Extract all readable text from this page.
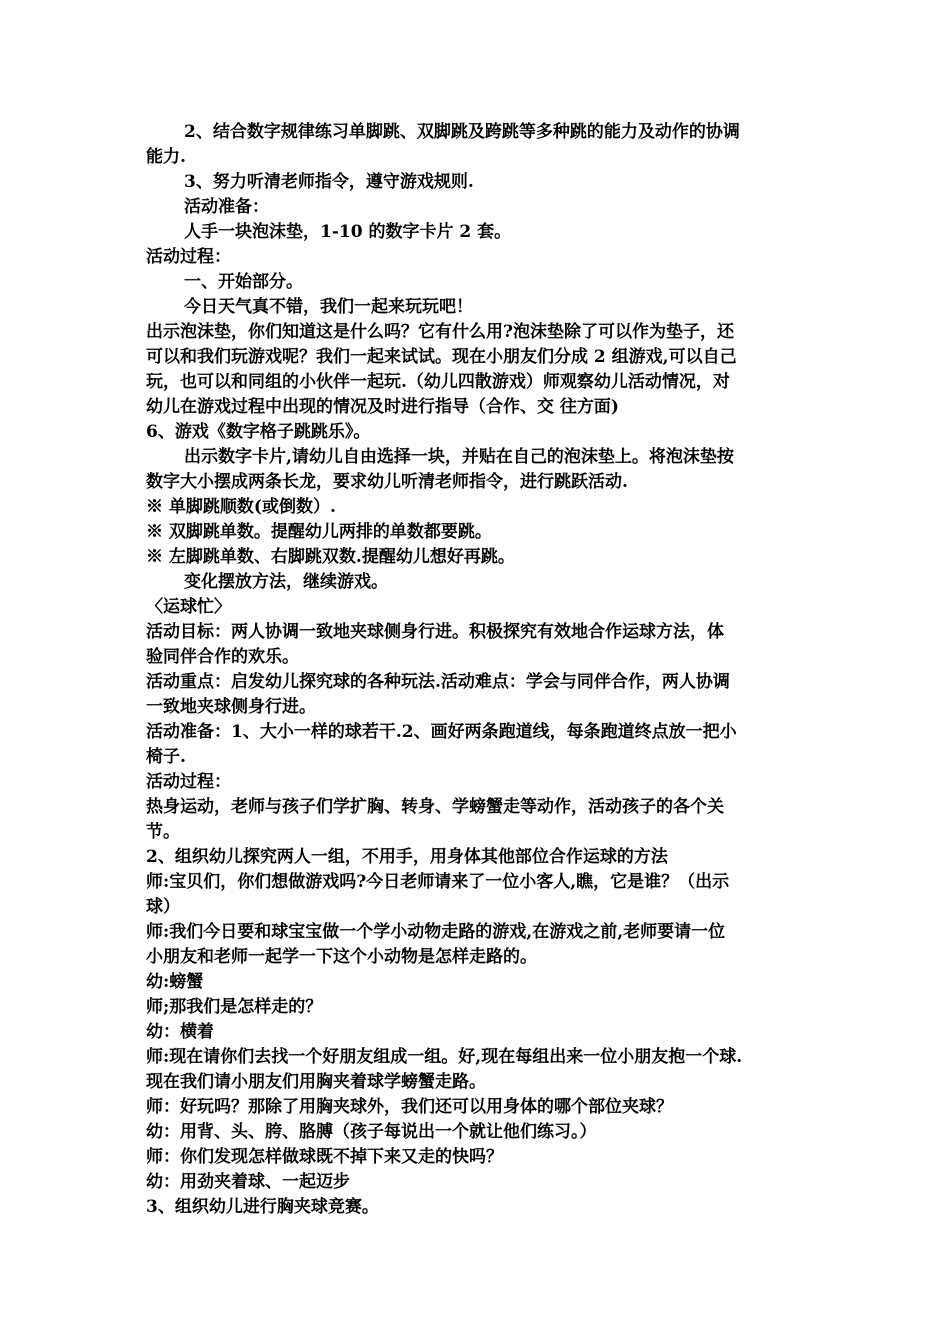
2、结合数字规律练习单脚跳、双脚跳及跨跳等多种跳的能力及动作的协调
能力.
3、努力听清老师指令，遵守游戏规则.
活动准备：
人手一块泡沫垫，1-10 的数字卡片 2 套。
活动过程：
一、开始部分。
今日天气真不错，我们一起来玩玩吧！
出示泡沫垫，你们知道这是什么吗？它有什么用?泡沫垫除了可以作为垫子，还
可以和我们玩游戏呢？我们一起来试试。现在小朋友们分成 2 组游戏,可以自己
玩，也可以和同组的小伙伴一起玩.（幼儿四散游戏）师观察幼儿活动情况，对
幼儿在游戏过程中出现的情况及时进行指导（合作、交 往方面)
6、游戏《数字格子跳跳乐》。
出示数字卡片,请幼儿自由选择一块，并贴在自己的泡沫垫上。将泡沫垫按
数字大小摆成两条长龙，要求幼儿听清老师指令，进行跳跃活动.
※ 单脚跳顺数(或倒数）.
※ 双脚跳单数。提醒幼儿两排的单数都要跳。
※ 左脚跳单数、右脚跳双数.提醒幼儿想好再跳。
变化摆放方法，继续游戏。
〈运球忙〉
活动目标：两人协调一致地夹球侧身行进。积极探究有效地合作运球方法，体
验同伴合作的欢乐。
活动重点：启发幼儿探究球的各种玩法.活动难点：学会与同伴合作，两人协调
一致地夹球侧身行进。
活动准备：1、大小一样的球若干.2、画好两条跑道线，每条跑道终点放一把小
椅子.
活动过程：
热身运动，老师与孩子们学扩胸、转身、学螃蟹走等动作，活动孩子的各个关
节。
2、组织幼儿探究两人一组，不用手，用身体其他部位合作运球的方法
师:宝贝们，你们想做游戏吗?今日老师请来了一位小客人,瞧，它是谁？（出示
球）
师:我们今日要和球宝宝做一个学小动物走路的游戏,在游戏之前,老师要请一位
小朋友和老师一起学一下这个小动物是怎样走路的。
幼:螃蟹
师;那我们是怎样走的？
幼：横着
师:现在请你们去找一个好朋友组成一组。好,现在每组出来一位小朋友抱一个球.
现在我们请小朋友们用胸夹着球学螃蟹走路。
师：好玩吗？那除了用胸夹球外，我们还可以用身体的哪个部位夹球？
幼：用背、头、胯、胳膊（孩子每说出一个就让他们练习。）
师：你们发现怎样做球既不掉下来又走的快吗？
幼：用劲夹着球、一起迈步
3、组织幼儿进行胸夹球竞赛。
